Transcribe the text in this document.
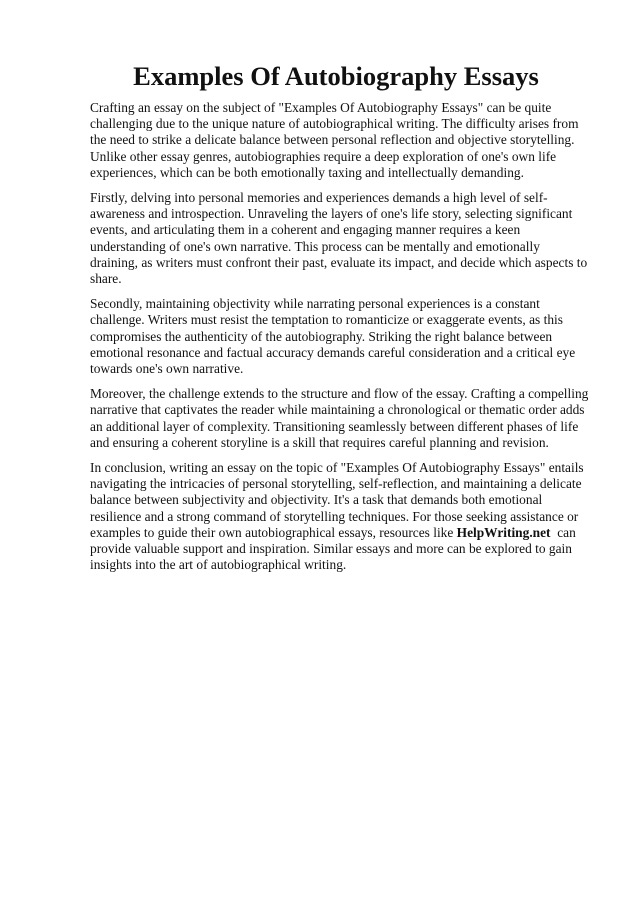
Examples Of Autobiography Essays

Crafting an essay on the subject of "Examples Of Autobiography Essays" can be quite challenging due to the unique nature of autobiographical writing. The difficulty arises from the need to strike a delicate balance between personal reflection and objective storytelling. Unlike other essay genres, autobiographies require a deep exploration of one's own life experiences, which can be both emotionally taxing and intellectually demanding.

Firstly, delving into personal memories and experiences demands a high level of self-awareness and introspection. Unraveling the layers of one's life story, selecting significant events, and articulating them in a coherent and engaging manner requires a keen understanding of one's own narrative. This process can be mentally and emotionally draining, as writers must confront their past, evaluate its impact, and decide which aspects to share.

Secondly, maintaining objectivity while narrating personal experiences is a constant challenge. Writers must resist the temptation to romanticize or exaggerate events, as this compromises the authenticity of the autobiography. Striking the right balance between emotional resonance and factual accuracy demands careful consideration and a critical eye towards one's own narrative.

Moreover, the challenge extends to the structure and flow of the essay. Crafting a compelling narrative that captivates the reader while maintaining a chronological or thematic order adds an additional layer of complexity. Transitioning seamlessly between different phases of life and ensuring a coherent storyline is a skill that requires careful planning and revision.

In conclusion, writing an essay on the topic of "Examples Of Autobiography Essays" entails navigating the intricacies of personal storytelling, self-reflection, and maintaining a delicate balance between subjectivity and objectivity. It's a task that demands both emotional resilience and a strong command of storytelling techniques. For those seeking assistance or examples to guide their own autobiographical essays, resources like HelpWriting.net  can provide valuable support and inspiration. Similar essays and more can be explored to gain insights into the art of autobiographical writing.
